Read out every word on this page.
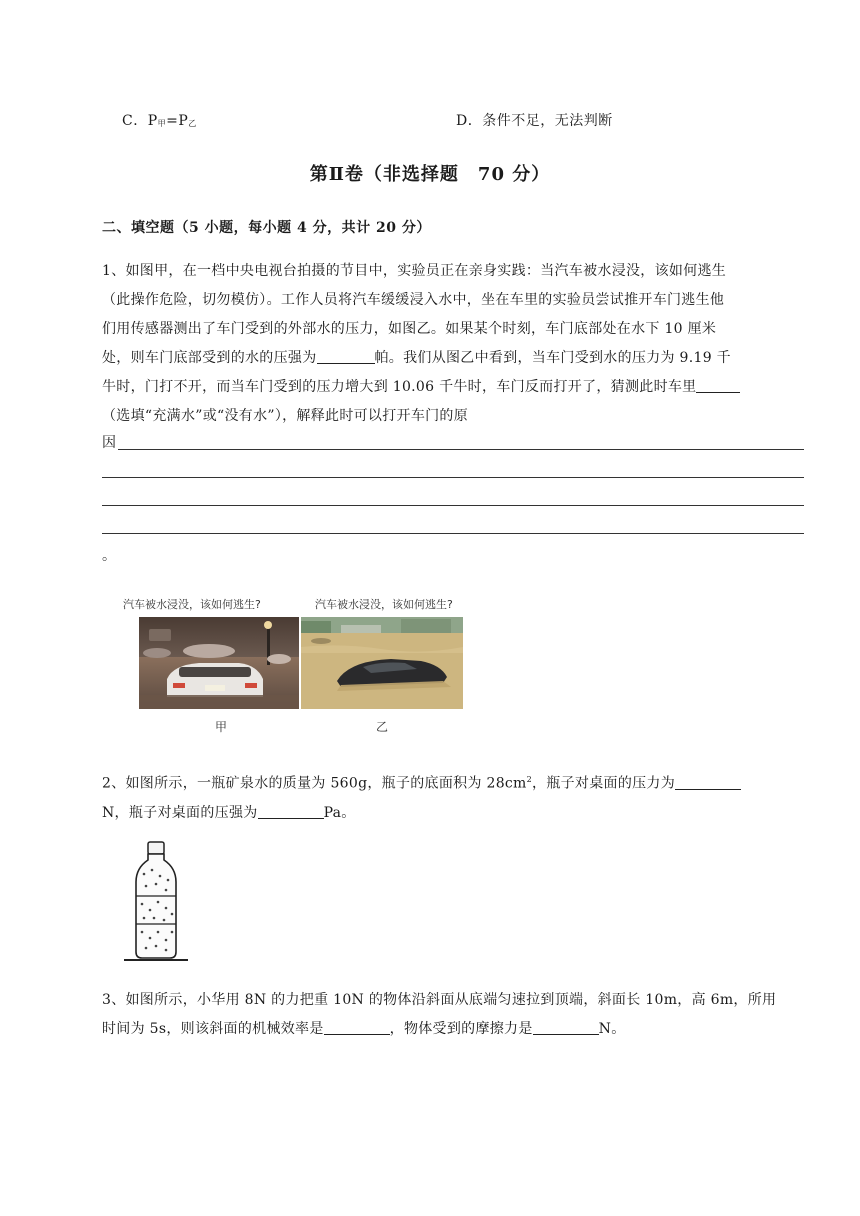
C．$P_甲=P_乙$	D．条件不足，无法判断
第Ⅱ卷（非选择题　70 分）
二、填空题（5 小题，每小题 4 分，共计 20 分）
1、如图甲，在一档中央电视台拍摄的节目中，实验员正在亲身实践：当汽车被水浸没，该如何逃生
（此操作危险，切勿模仿）。工作人员将汽车缓缓浸入水中，坐在车里的实验员尝试推开车门逃生他
们用传感器测出了车门受到的外部水的压力，如图乙。如果某个时刻，车门底部处在水下 10 厘米
处，则车门底部受到的水的压强为	帕。我们从图乙中看到，当车门受到水的压力为 9.19 千
牛时，门打不开，而当车门受到的压力增大到 10.06 千牛时，车门反而打开了，猜测此时车里
（选填“充满水”或“没有水”），解释此时可以打开车门的原
因
。
汽车被水浸没，该如何逃生?	汽车被水浸没，该如何逃生?
甲	乙
2、如图所示，一瓶矿泉水的质量为 560g，瓶子的底面积为 $28cm^2$，瓶子对桌面的压力为
N，瓶子对桌面的压强为	Pa。
3、如图所示，小华用 8N 的力把重 10N 的物体沿斜面从底端匀速拉到顶端，斜面长 10m，高 6m，所用
时间为 5s，则该斜面的机械效率是	，物体受到的摩擦力是	N。
